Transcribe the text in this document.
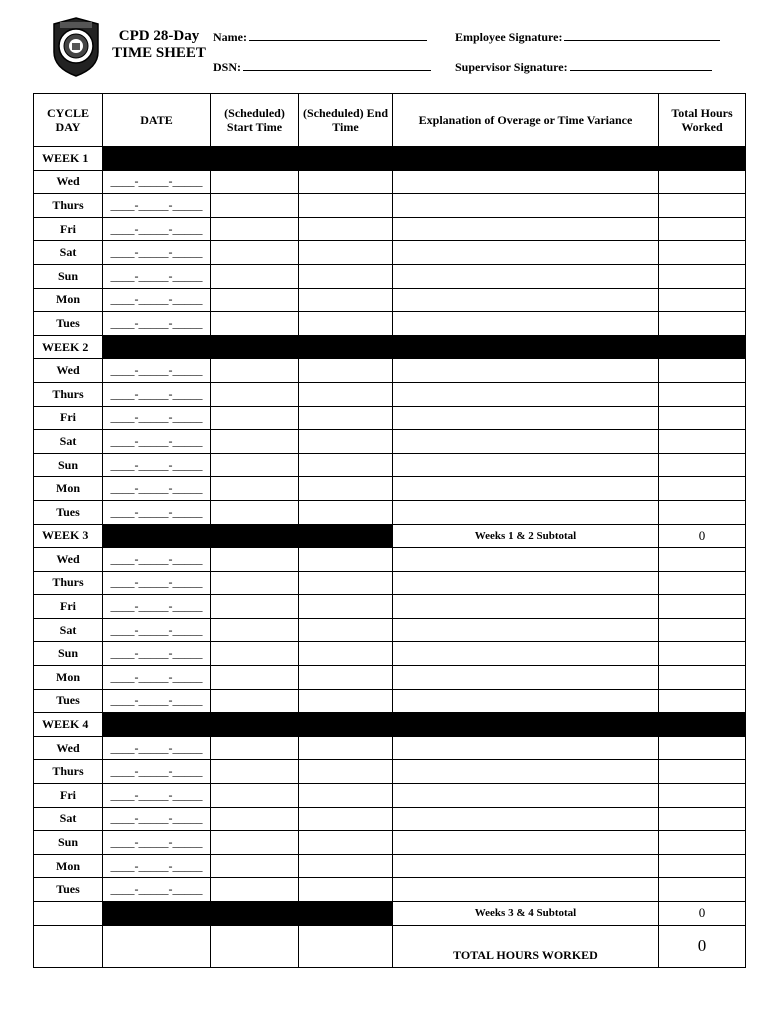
CPD 28-Day
TIME SHEET
Name:
DSN:
Employee Signature:
Supervisor Signature:
CYCLE DAY	DATE	(Scheduled) Start Time	(Scheduled) End Time	Explanation of Overage or Time Variance	Total Hours Worked
WEEK 1					
Wed	____-_____-_____				
Thurs	____-_____-_____				
Fri	____-_____-_____				
Sat	____-_____-_____				
Sun	____-_____-_____				
Mon	____-_____-_____				
Tues	____-_____-_____				
WEEK 2					
Wed	____-_____-_____				
Thurs	____-_____-_____				
Fri	____-_____-_____				
Sat	____-_____-_____				
Sun	____-_____-_____				
Mon	____-_____-_____				
Tues	____-_____-_____				
WEEK 3				Weeks 1 & 2 Subtotal	0
Wed	____-_____-_____				
Thurs	____-_____-_____				
Fri	____-_____-_____				
Sat	____-_____-_____				
Sun	____-_____-_____				
Mon	____-_____-_____				
Tues	____-_____-_____				
WEEK 4					
Wed	____-_____-_____				
Thurs	____-_____-_____				
Fri	____-_____-_____				
Sat	____-_____-_____				
Sun	____-_____-_____				
Mon	____-_____-_____				
Tues	____-_____-_____				
				Weeks 3 & 4 Subtotal	0
				TOTAL HOURS WORKED	0
